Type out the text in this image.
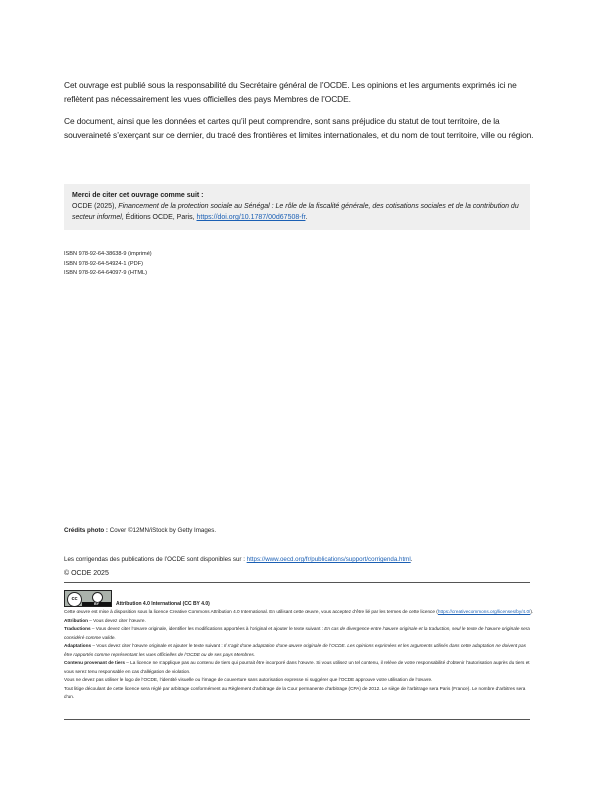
Cet ouvrage est publié sous la responsabilité du Secrétaire général de l’OCDE. Les opinions et les arguments exprimés ici ne reflètent pas nécessairement les vues officielles des pays Membres de l’OCDE.

Ce document, ainsi que les données et cartes qu’il peut comprendre, sont sans préjudice du statut de tout territoire, de la souveraineté s’exerçant sur ce dernier, du tracé des frontières et limites internationales, et du nom de tout territoire, ville ou région.

Merci de citer cet ouvrage comme suit :
OCDE (2025), Financement de la protection sociale au Sénégal : Le rôle de la fiscalité générale, des cotisations sociales et de la contribution du secteur informel, Éditions OCDE, Paris, https://doi.org/10.1787/00d67508-fr.
ISBN 978-92-64-38638-9 (imprimé)
ISBN 978-92-64-54924-1 (PDF)
ISBN 978-92-64-64097-9 (HTML)
Crédits photo : Cover ©12MN/iStock by Getty Images.
Les corrigendas des publications de l’OCDE sont disponibles sur : https://www.oecd.org/fr/publications/support/corrigenda.html.
© OCDE 2025
cc
BY	Attribution 4.0 International (CC BY 4.0)
Cette œuvre est mise à disposition sous la licence Creative Commons Attribution 4.0 International. En utilisant cette œuvre, vous acceptez d’être lié par les termes de cette licence (https://creativecommons.org/licenses/by/4.0/).
Attribution – Vous devez citer l’œuvre.
Traductions – Vous devez citer l’œuvre originale, identifier les modifications apportées à l’original et ajouter le texte suivant : En cas de divergence entre l’œuvre originale et la traduction, seul le texte de l’œuvre originale sera considéré comme valide.
Adaptations – Vous devez citer l’œuvre originale et ajouter le texte suivant : Il s’agit d’une adaptation d’une œuvre originale de l’OCDE. Les opinions exprimées et les arguments utilisés dans cette adaptation ne doivent pas être rapportés comme représentant les vues officielles de l’OCDE ou de ses pays Membres.
Contenu provenant de tiers – La licence ne s’applique pas au contenu de tiers qui pourrait être incorporé dans l’œuvre. Si vous utilisez un tel contenu, il relève de votre responsabilité d’obtenir l’autorisation auprès du tiers et vous serez tenu responsable en cas d’allégation de violation.
Vous ne devez pas utiliser le logo de l’OCDE, l’identité visuelle ou l’image de couverture sans autorisation expresse ni suggérer que l’OCDE approuve votre utilisation de l’œuvre.
Tout litige découlant de cette licence sera réglé par arbitrage conformément au Règlement d’arbitrage de la Cour permanente d’arbitrage (CPA) de 2012. Le siège de l’arbitrage sera Paris (France). Le nombre d’arbitres sera d’un.
